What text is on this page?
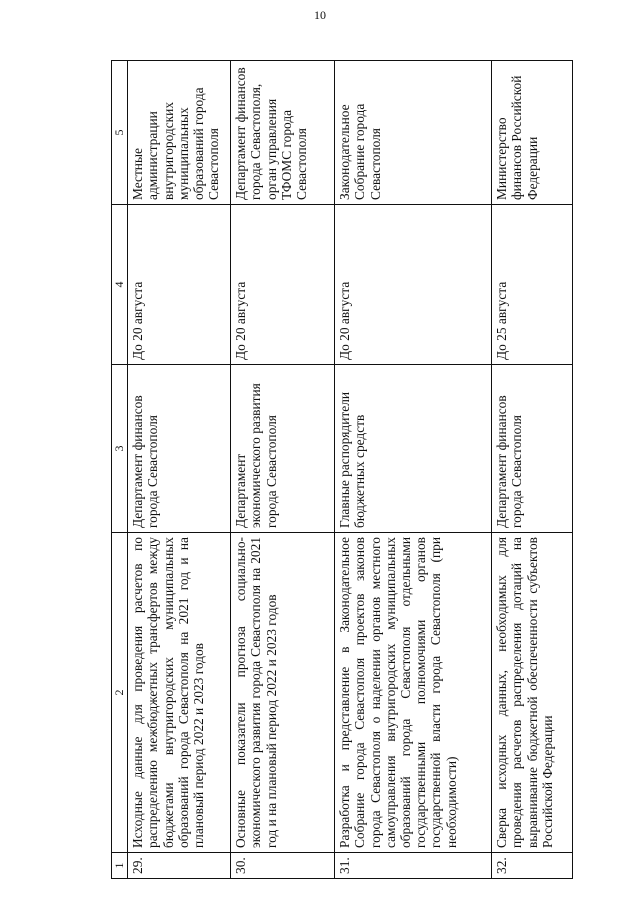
10
1	2	3	4	5
29.	Исходные данные для проведения расчетов по распределению межбюджетных трансфертов между бюджетами внутригородских муниципальных образований города Севастополя на 2021 год и на плановый период 2022 и 2023 годов	Департамент финансов города Севастополя	До 20 августа	Местные администрации внутригородских муниципальных образований города Севастополя
30.	Основные показатели прогноза социально-экономического развития города Севастополя на 2021 год и на плановый период 2022 и 2023 годов	Департамент экономического развития города Севастополя	До 20 августа	Департамент финансов города Севастополя, орган управления ТФОМС города Севастополя
31.	Разработка и представление в Законодательное Собрание города Севастополя проектов законов города Севастополя о наделении органов местного самоуправления внутригородских муниципальных образований города Севастополя отдельными государственными полномочиями органов государственной власти города Севастополя (при необходимости)	Главные распорядители бюджетных средств	До 20 августа	Законодательное Собрание города Севастополя
32.	Сверка исходных данных, необходимых для проведения расчетов распределения дотаций на выравнивание бюджетной обеспеченности субъектов Российской Федерации	Департамент финансов города Севастополя	До 25 августа	Министерство финансов Российской Федерации
